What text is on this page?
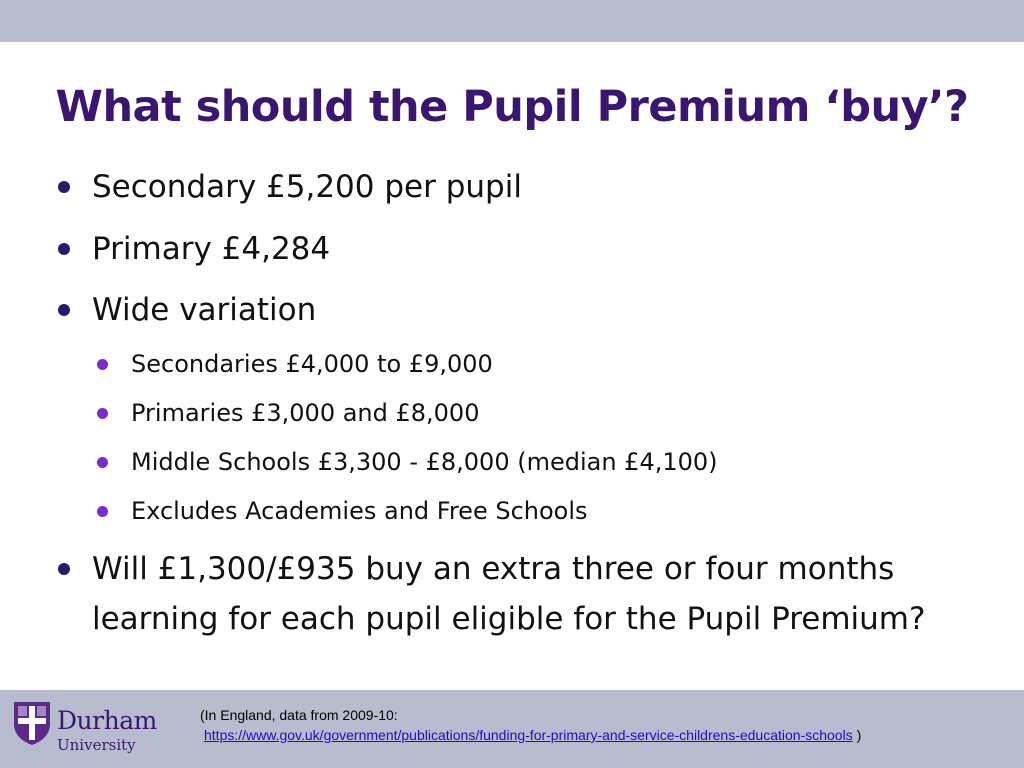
What should the Pupil Premium ‘buy’?
Secondary £5,200 per pupil
Primary £4,284
Wide variation
Secondaries £4,000 to £9,000
Primaries £3,000 and £8,000
Middle Schools £3,300 - £8,000 (median £4,100)
Excludes Academies and Free Schools
Will £1,300/£935 buy an extra three or four months learning for each pupil eligible for the Pupil Premium?
Durham
University
(In England, data from 2009-10:
https://www.gov.uk/government/publications/funding-for-primary-and-service-childrens-education-schools )
